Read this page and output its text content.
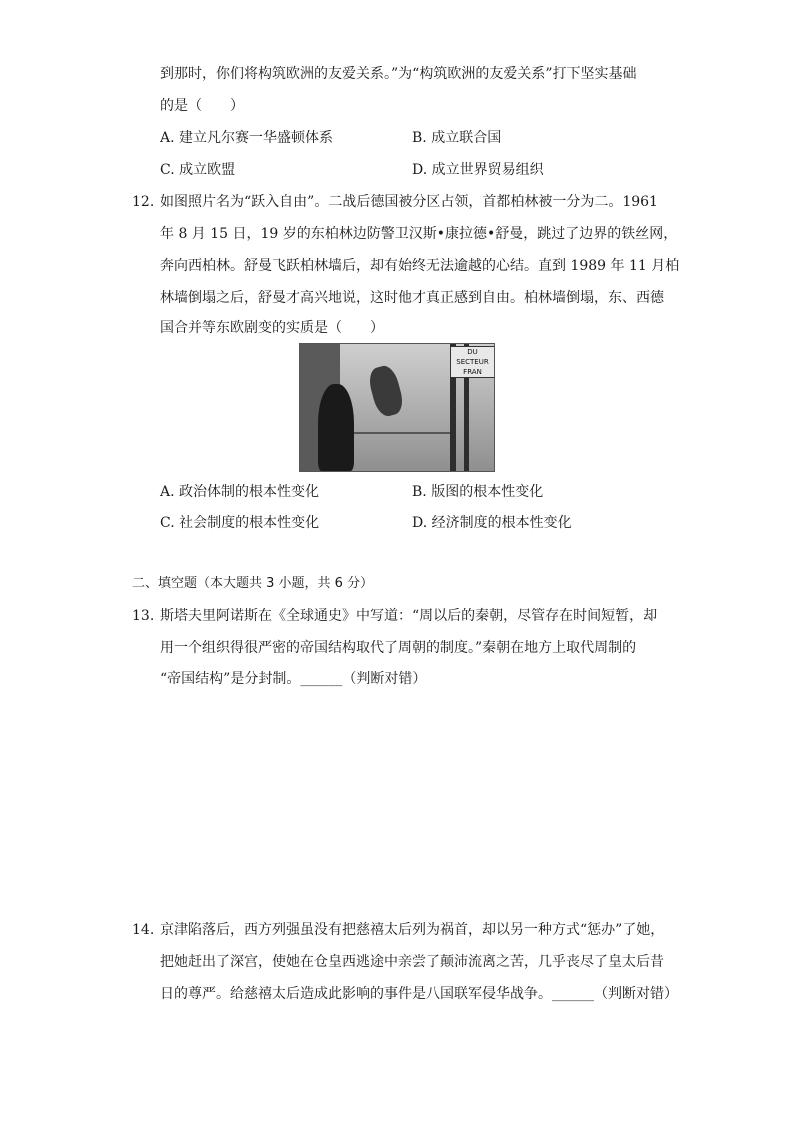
到那时，你们将构筑欧洲的友爱关系。”为“构筑欧洲的友爱关系”打下坚实基础
的是（　　）
A. 建立凡尔赛一华盛顿体系	B. 成立联合国
C. 成立欧盟	D. 成立世界贸易组织
12. 如图照片名为“跃入自由”。二战后德国被分区占领，首都柏林被一分为二。1961
年 8 月 15 日，19 岁的东柏林边防警卫汉斯•康拉德•舒曼，跳过了边界的铁丝网，
奔向西柏林。舒曼飞跃柏林墙后，却有始终无法逾越的心结。直到 1989 年 11 月柏
林墙倒塌之后，舒曼才高兴地说，这时他才真正感到自由。柏林墙倒塌，东、西德
国合并等东欧剧变的实质是（　　）
DU SECTEUR FRAN
A. 政治体制的根本性变化	B. 版图的根本性变化
C. 社会制度的根本性变化	D. 经济制度的根本性变化
二、填空题（本大题共 3 小题，共 6 分）
13. 斯塔夫里阿诺斯在《全球通史》中写道：“周以后的秦朝，尽管存在时间短暂，却
用一个组织得很严密的帝国结构取代了周朝的制度。”秦朝在地方上取代周制的
“帝国结构”是分封制。______（判断对错）
14. 京津陷落后，西方列强虽没有把慈禧太后列为祸首，却以另一种方式“惩办”了她，
把她赶出了深宫，使她在仓皇西逃途中亲尝了颠沛流离之苦，几乎丧尽了皇太后昔
日的尊严。给慈禧太后造成此影响的事件是八国联军侵华战争。______（判断对错）
